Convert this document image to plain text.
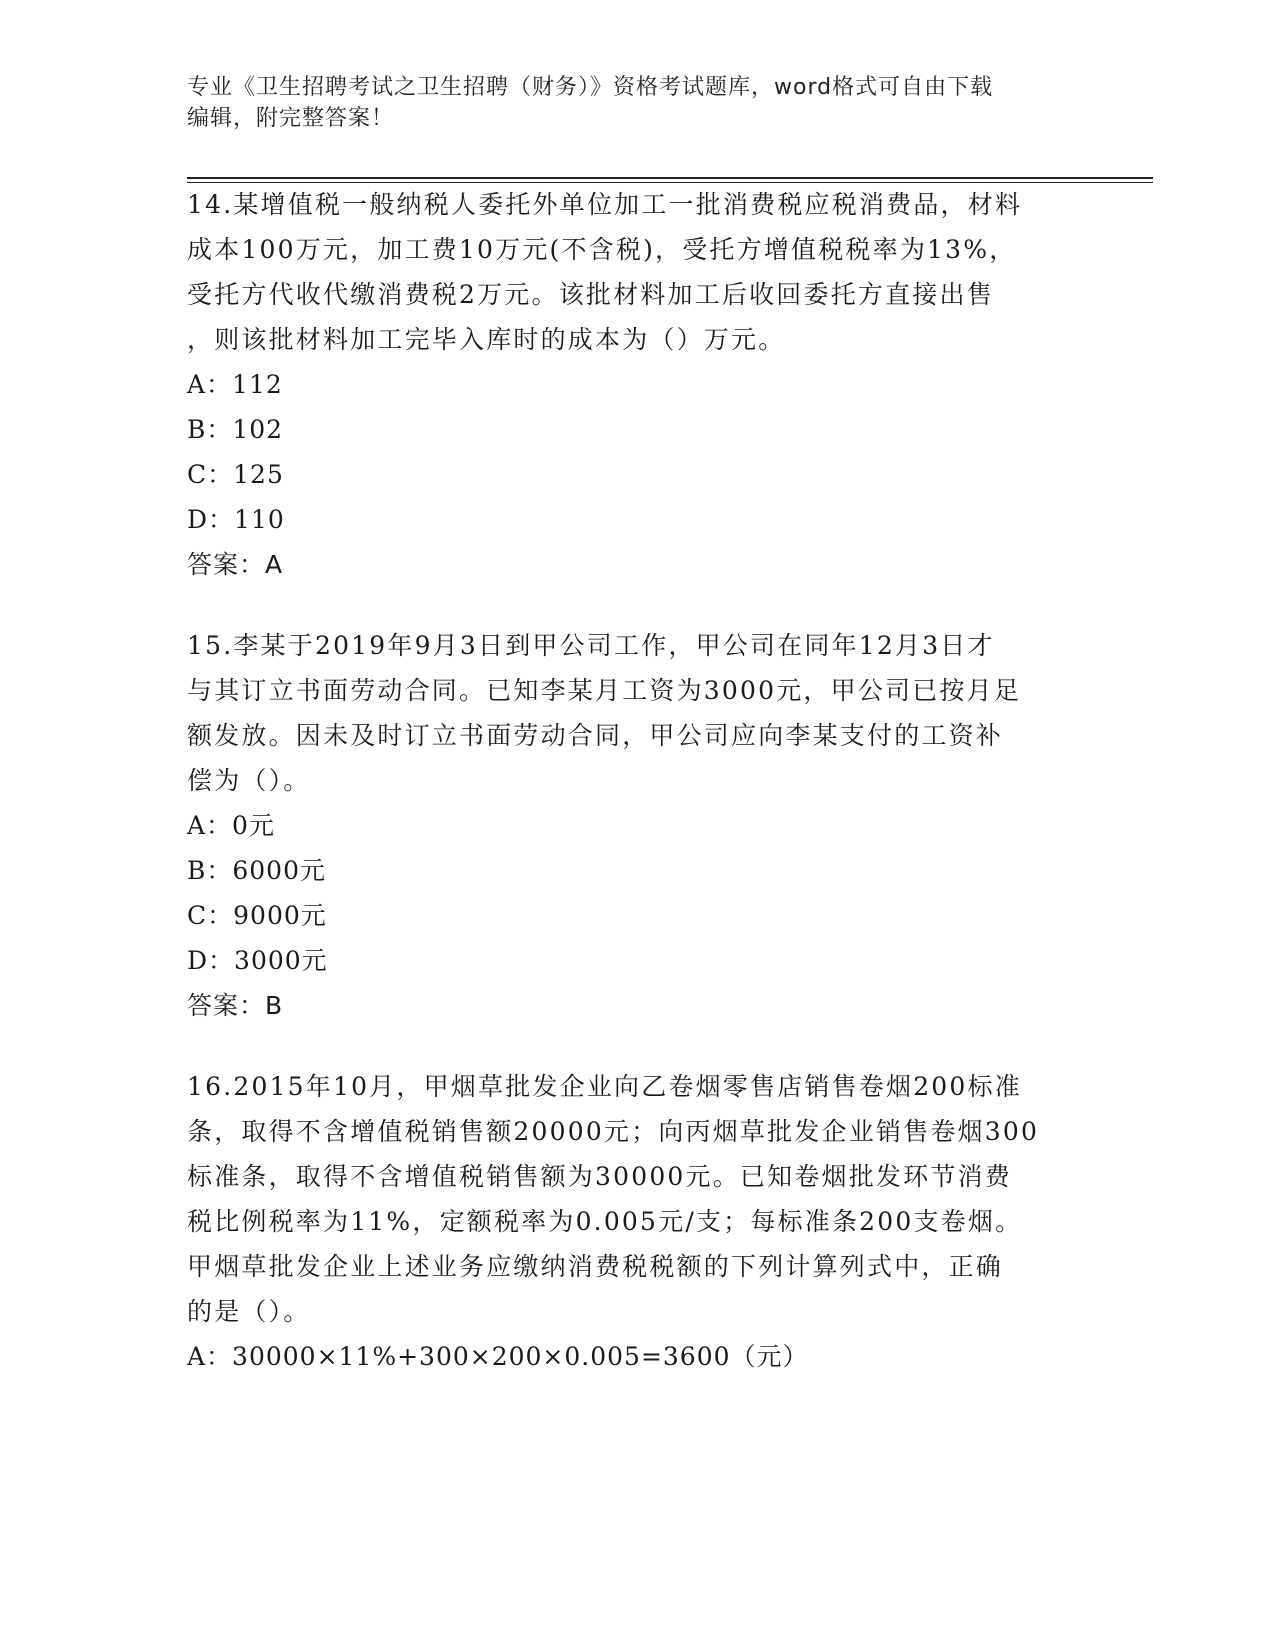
专业《卫生招聘考试之卫生招聘（财务）》资格考试题库，word格式可自由下载
编辑，附完整答案！

14.某增值税一般纳税人委托外单位加工一批消费税应税消费品，材料

成本100万元，加工费10万元(不含税)，受托方增值税税率为13%，

受托方代收代缴消费税2万元。该批材料加工后收回委托方直接出售

，则该批材料加工完毕入库时的成本为（）万元。

A：112

B：102

C：125

D：110

答案：A

15.李某于2019年9月3日到甲公司工作，甲公司在同年12月3日才

与其订立书面劳动合同。已知李某月工资为3000元，甲公司已按月足

额发放。因未及时订立书面劳动合同，甲公司应向李某支付的工资补

偿为（）。

A：0元

B：6000元

C：9000元

D：3000元

答案：B

16.2015年10月，甲烟草批发企业向乙卷烟零售店销售卷烟200标准

条，取得不含增值税销售额20000元；向丙烟草批发企业销售卷烟300

标准条，取得不含增值税销售额为30000元。已知卷烟批发环节消费

税比例税率为11%，定额税率为0.005元/支；每标准条200支卷烟。

甲烟草批发企业上述业务应缴纳消费税税额的下列计算列式中，正确

的是（）。

A：30000×11%+300×200×0.005=3600（元）
